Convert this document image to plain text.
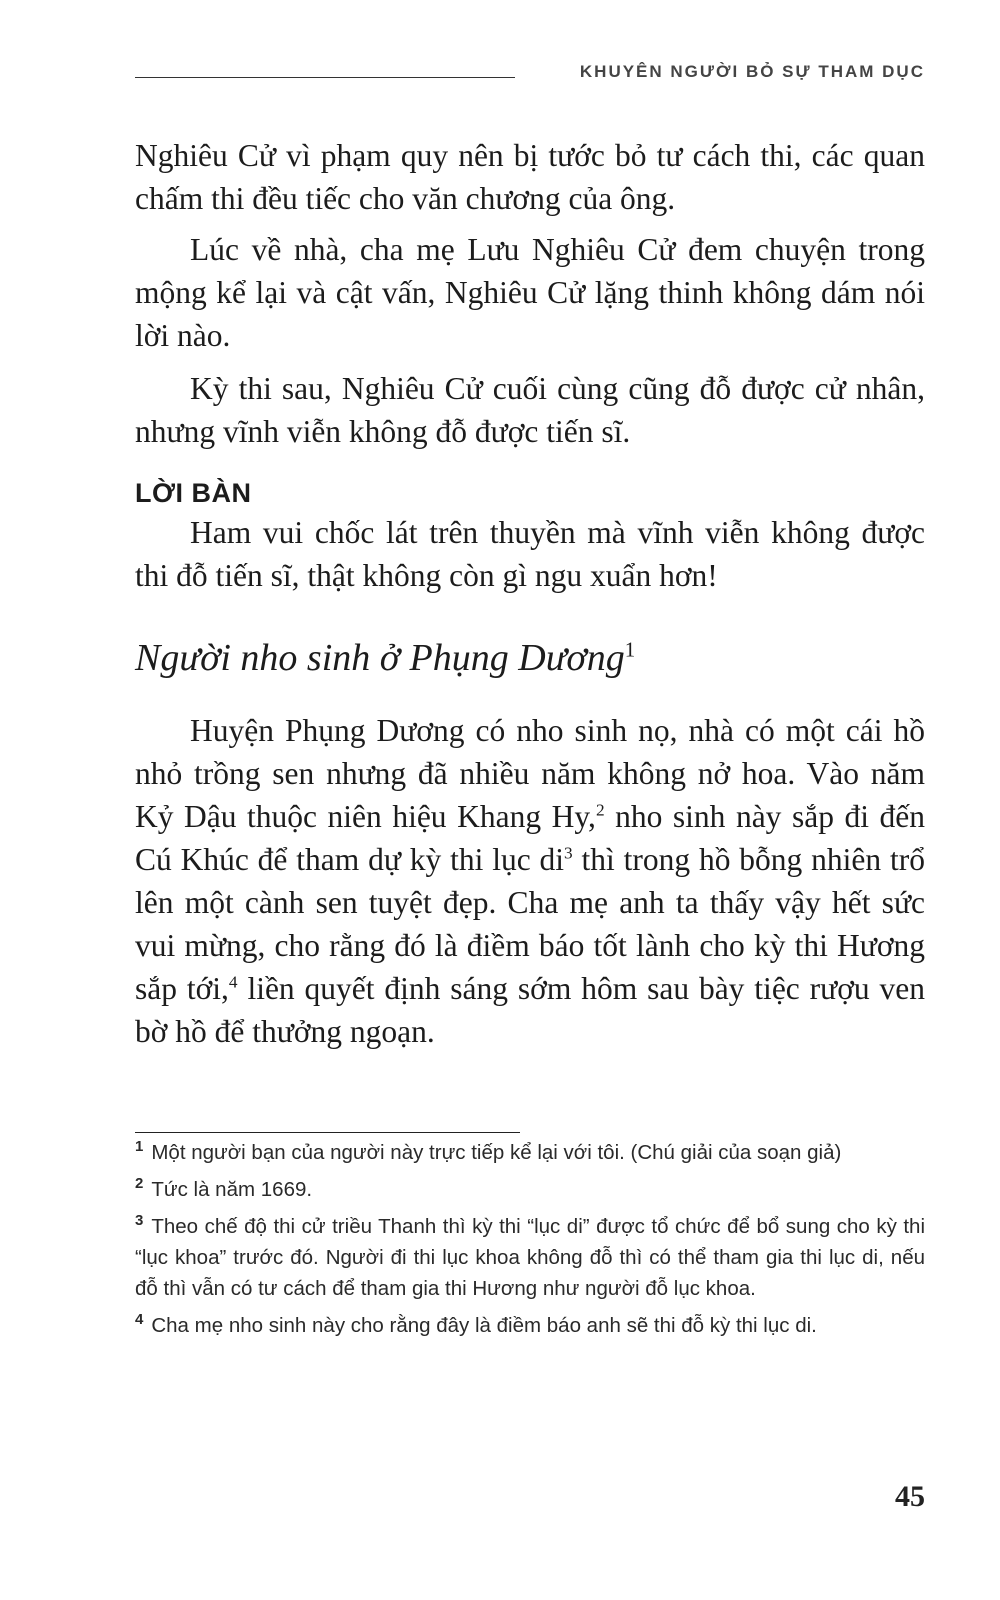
KHUYÊN NGƯỜI BỎ SỰ THAM DỤC

Nghiêu Cử vì phạm quy nên bị tước bỏ tư cách thi, các quan chấm thi đều tiếc cho văn chương của ông.

Lúc về nhà, cha mẹ Lưu Nghiêu Cử đem chuyện trong mộng kể lại và cật vấn, Nghiêu Cử lặng thinh không dám nói lời nào.

Kỳ thi sau, Nghiêu Cử cuối cùng cũng đỗ được cử nhân, nhưng vĩnh viễn không đỗ được tiến sĩ.

LỜI BÀN

Ham vui chốc lát trên thuyền mà vĩnh viễn không được thi đỗ tiến sĩ, thật không còn gì ngu xuẩn hơn!

Người nho sinh ở Phụng Dương$^1$

Huyện Phụng Dương có nho sinh nọ, nhà có một cái hồ nhỏ trồng sen nhưng đã nhiều năm không nở hoa. Vào năm Kỷ Dậu thuộc niên hiệu Khang Hy,$^2$ nho sinh này sắp đi đến Cú Khúc để tham dự kỳ thi lục $di^3$ thì trong hồ bỗng nhiên trổ lên một cành sen tuyệt đẹp. Cha mẹ anh ta thấy vậy hết sức vui mừng, cho rằng đó là điềm báo tốt lành cho kỳ thi Hương sắp tới,$^4$ liền quyết định sáng sớm hôm sau bày tiệc rượu ven bờ hồ để thưởng ngoạn.

$^1$ Một người bạn của người này trực tiếp kể lại với tôi. (Chú giải của soạn giả)

$^2$ Tức là năm 1669.

$^3$ Theo chế độ thi cử triều Thanh thì kỳ thi “lục di” được tổ chức để bổ sung cho kỳ thi “lục khoa” trước đó. Người đi thi lục khoa không đỗ thì có thể tham gia thi lục di, nếu đỗ thì vẫn có tư cách để tham gia thi Hương như người đỗ lục khoa.

$^4$ Cha mẹ nho sinh này cho rằng đây là điềm báo anh sẽ thi đỗ kỳ thi lục di.

45
